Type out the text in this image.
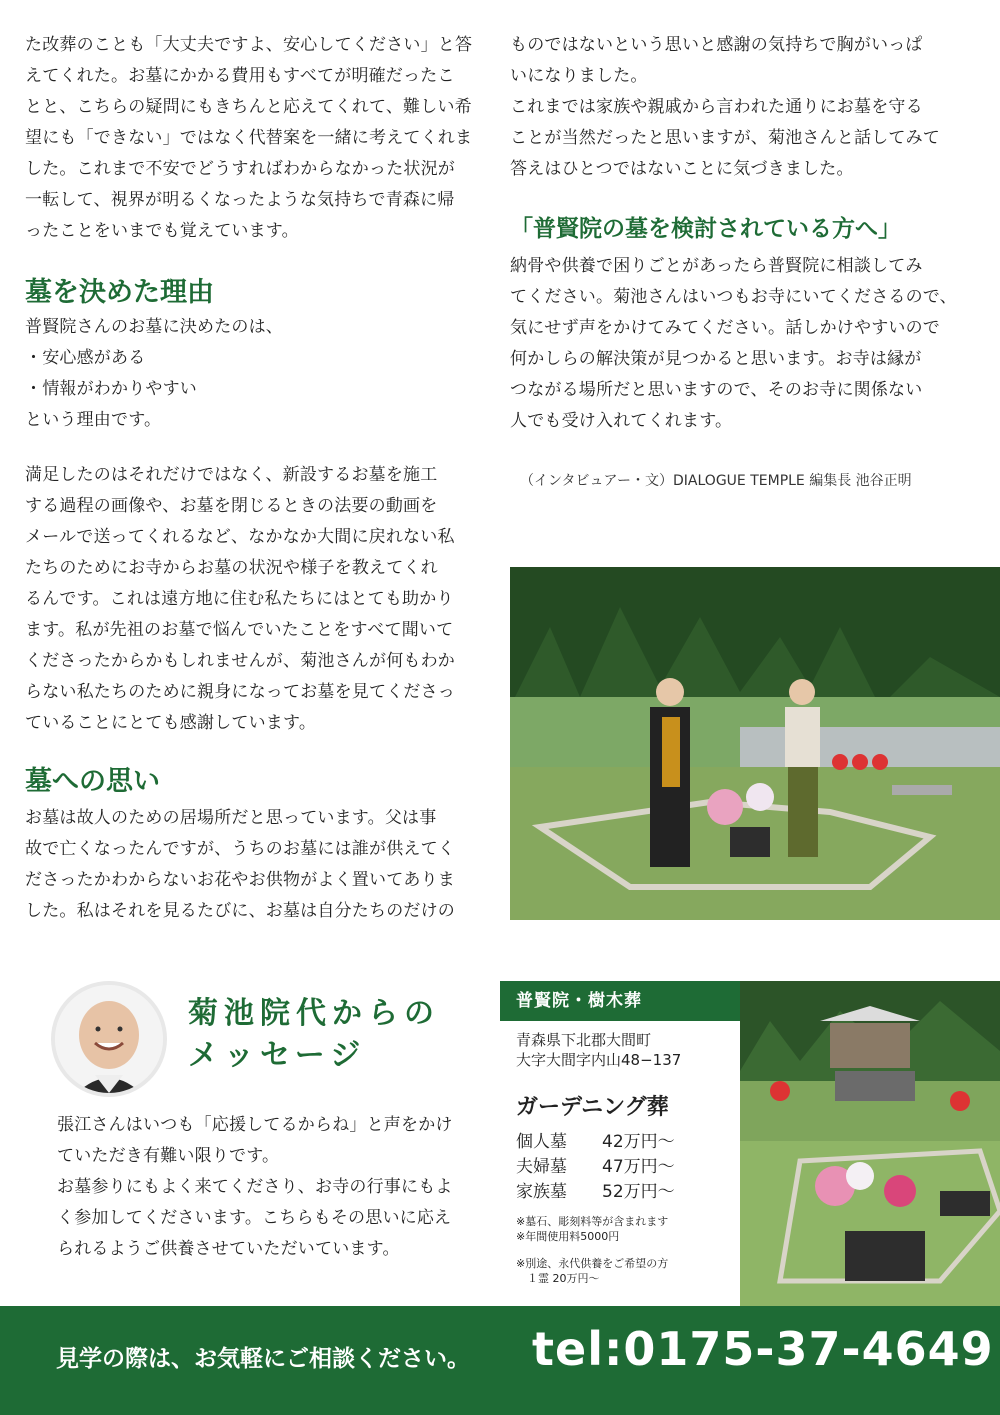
た改葬のことも「大丈夫ですよ、安心してください」と答
えてくれた。お墓にかかる費用もすべてが明確だったこ
とと、こちらの疑問にもきちんと応えてくれて、難しい希
望にも「できない」ではなく代替案を一緒に考えてくれま
した。これまで不安でどうすればわからなかった状況が
一転して、視界が明るくなったような気持ちで青森に帰
ったことをいまでも覚えています。
墓を決めた理由
普賢院さんのお墓に決めたのは、
・安心感がある
・情報がわかりやすい
という理由です。
満足したのはそれだけではなく、新設するお墓を施工
する過程の画像や、お墓を閉じるときの法要の動画を
メールで送ってくれるなど、なかなか大間に戻れない私
たちのためにお寺からお墓の状況や様子を教えてくれ
るんです。これは遠方地に住む私たちにはとても助かり
ます。私が先祖のお墓で悩んでいたことをすべて聞いて
くださったからかもしれませんが、菊池さんが何もわか
らない私たちのために親身になってお墓を見てくださっ
ていることにとても感謝しています。
墓への思い
お墓は故人のための居場所だと思っています。父は事
故で亡くなったんですが、うちのお墓には誰が供えてく
ださったかわからないお花やお供物がよく置いてありま
した。私はそれを見るたびに、お墓は自分たちのだけの
ものではないという思いと感謝の気持ちで胸がいっぱ
いになりました。
これまでは家族や親戚から言われた通りにお墓を守る
ことが当然だったと思いますが、菊池さんと話してみて
答えはひとつではないことに気づきました。
「普賢院の墓を検討されている方へ」
納骨や供養で困りごとがあったら普賢院に相談してみ
てください。菊池さんはいつもお寺にいてくださるので、
気にせず声をかけてみてください。話しかけやすいので
何かしらの解決策が見つかると思います。お寺は縁が
つながる場所だと思いますので、そのお寺に関係ない
人でも受け入れてくれます。
（インタビュアー・文）DIALOGUE TEMPLE 編集長 池谷正明
菊池院代からの
メッセージ
張江さんはいつも「応援してるからね」と声をかけ
ていただき有難い限りです。
お墓参りにもよく来てくださり、お寺の行事にもよ
く参加してくださいます。こちらもその思いに応え
られるようご供養させていただいています。
普賢院・樹木葬
青森県下北郡大間町
大字大間字内山48−137
ガーデニング葬
個人墓 42万円〜
夫婦墓 47万円〜
家族墓 52万円〜
※墓石、彫刻料等が含まれます
※年間使用料5000円
※別途、永代供養をご希望の方
　１霊 20万円〜
見学の際は、お気軽にご相談ください。 tel:0175-37-4649
